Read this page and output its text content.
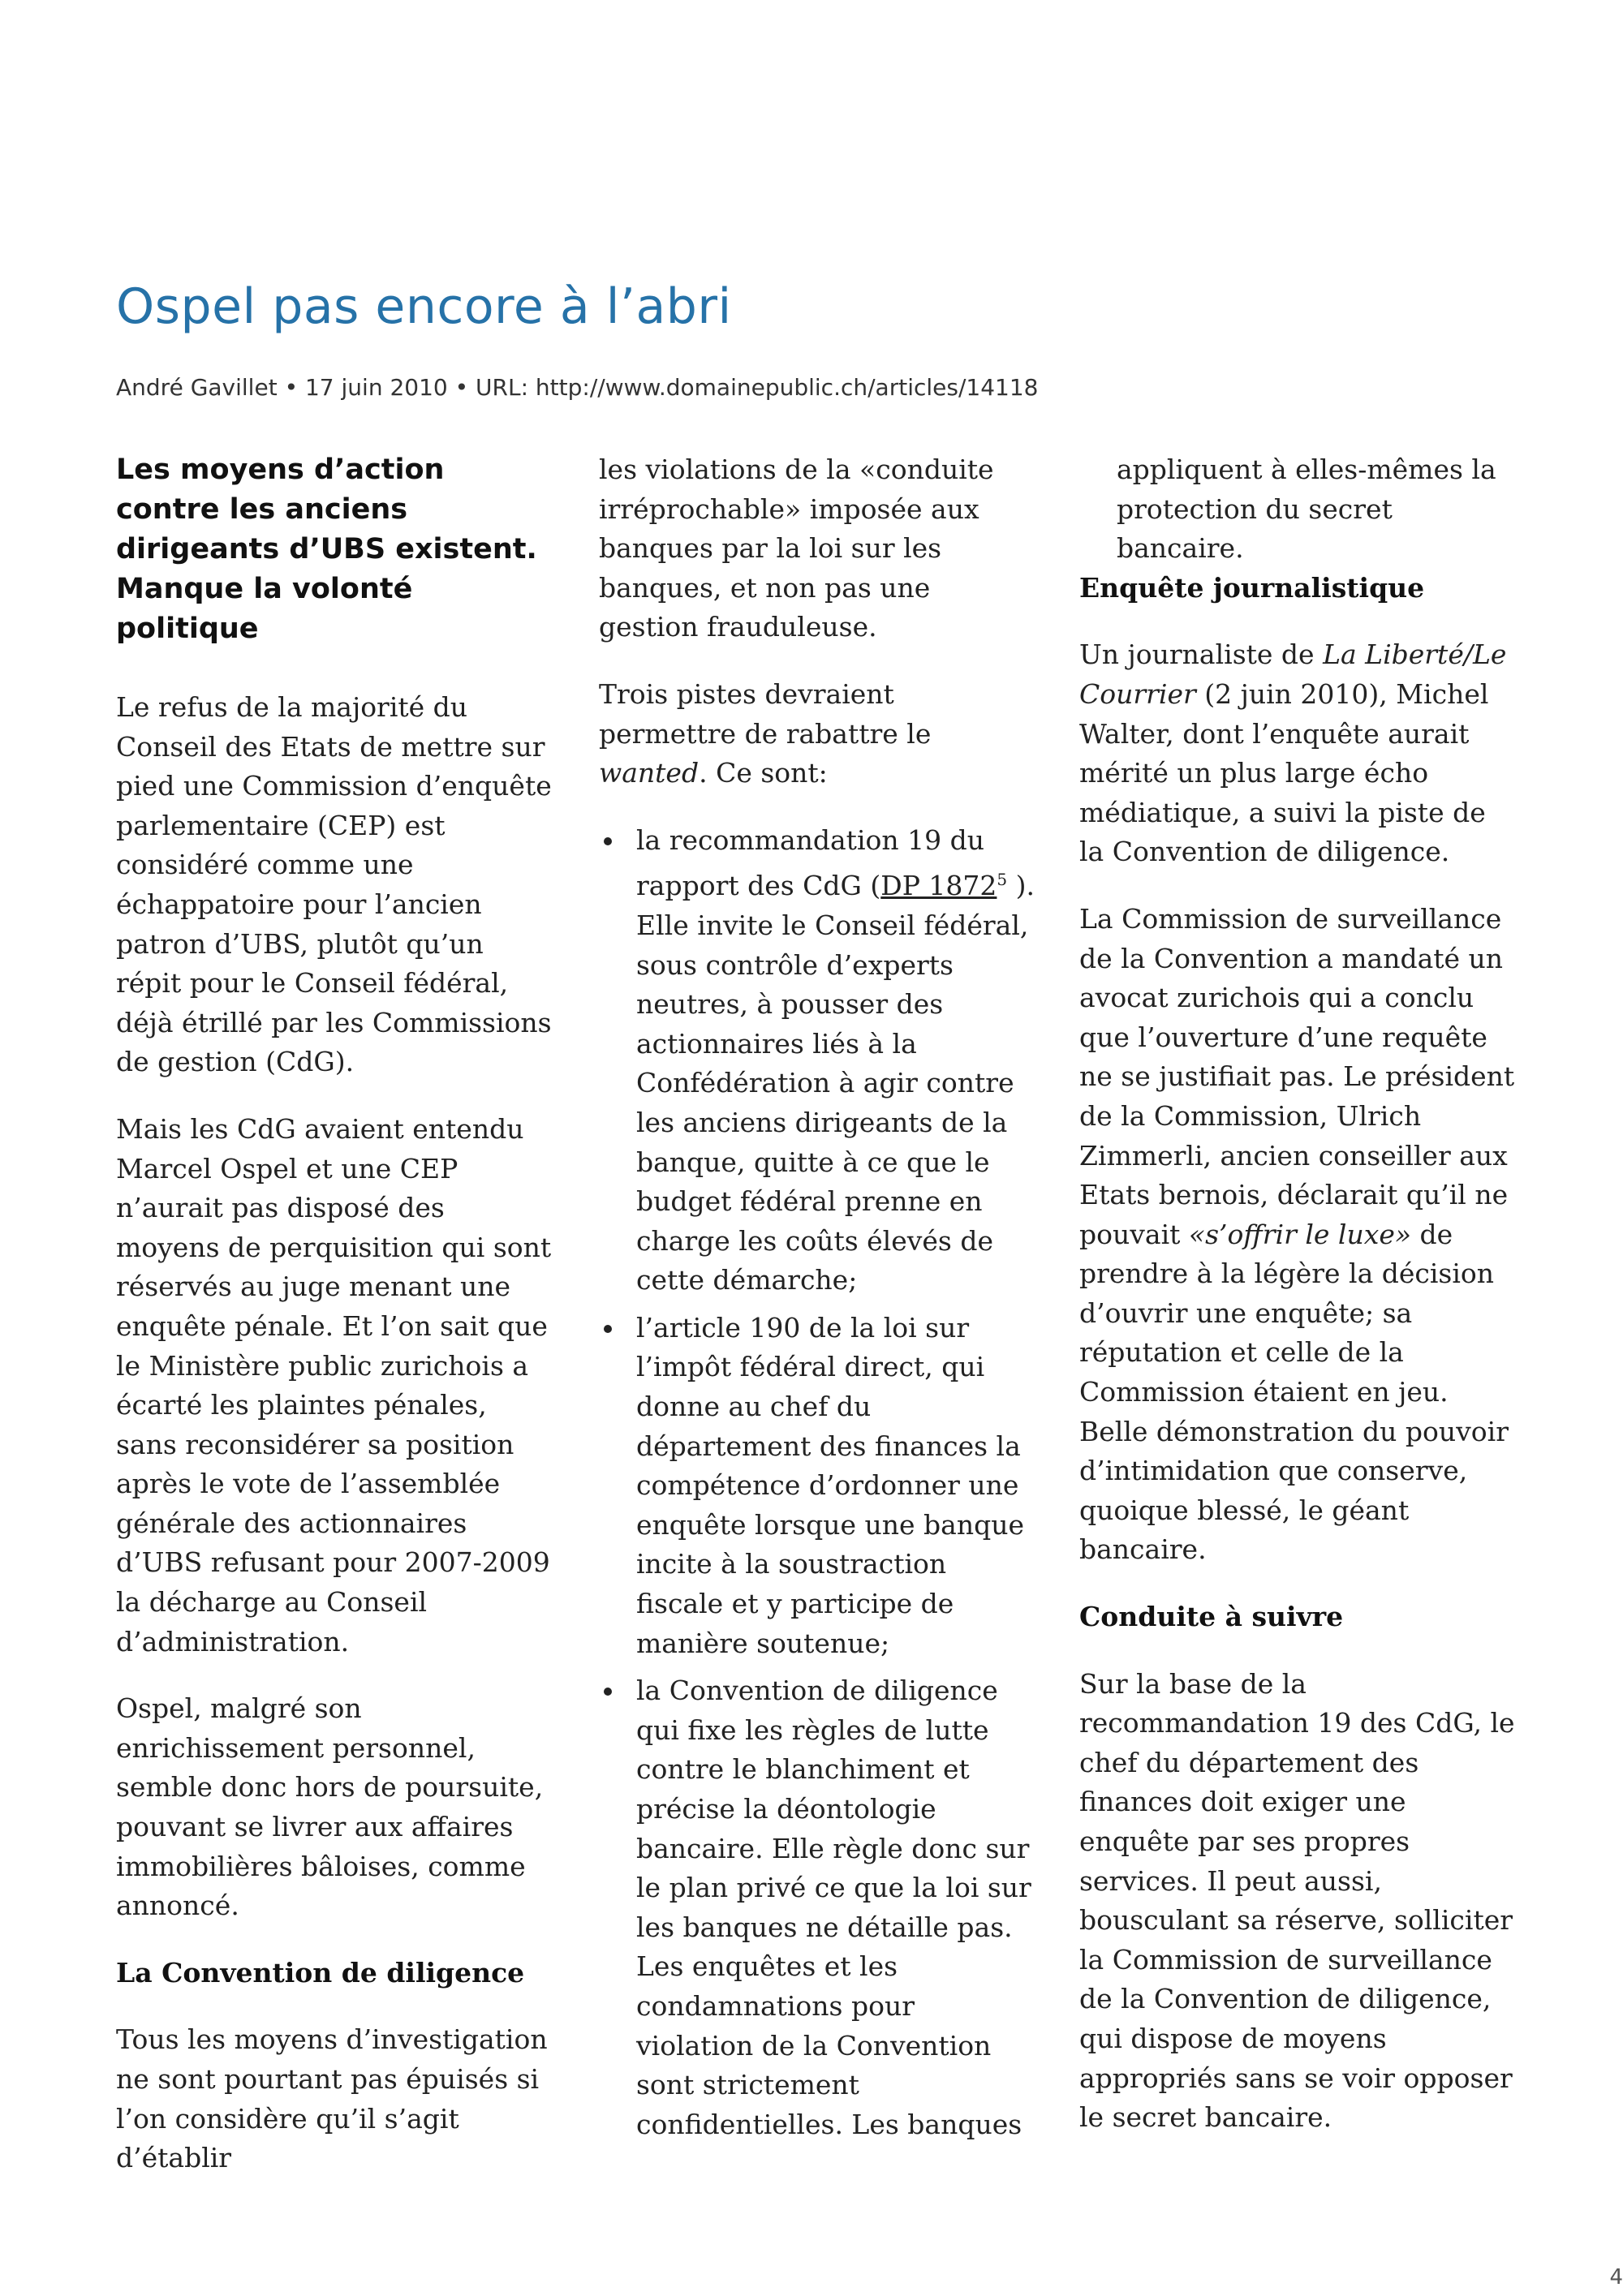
Ospel pas encore à l’abri
André Gavillet • 17 juin 2010 • URL: http://www.domainepublic.ch/articles/14118

Les moyens d’action contre les anciens dirigeants d’UBS existent. Manque la volonté politique

Le refus de la majorité du Conseil des Etats de mettre sur pied une Commission d’enquête parlementaire (CEP) est considéré comme une échappatoire pour l’ancien patron d’UBS, plutôt qu’un répit pour le Conseil fédéral, déjà étrillé par les Commissions de gestion (CdG).

Mais les CdG avaient entendu Marcel Ospel et une CEP n’aurait pas disposé des moyens de perquisition qui sont réservés au juge menant une enquête pénale. Et l’on sait que le Ministère public zurichois a écarté les plaintes pénales, sans reconsidérer sa position après le vote de l’assemblée générale des actionnaires d’UBS refusant pour 2007-2009 la décharge au Conseil d’administration.

Ospel, malgré son enrichissement personnel, semble donc hors de poursuite, pouvant se livrer aux affaires immobilières bâloises, comme annoncé.

La Convention de diligence

Tous les moyens d’investigation ne sont pourtant pas épuisés si l’on considère qu’il s’agit d’établir

les violations de la «conduite irréprochable» imposée aux banques par la loi sur les banques, et non pas une gestion frauduleuse.

Trois pistes devraient permettre de rabattre le wanted. Ce sont:

la recommandation 19 du rapport des CdG (DP 1872$^5$ ). Elle invite le Conseil fédéral, sous contrôle d’experts neutres, à pousser des actionnaires liés à la Confédération à agir contre les anciens dirigeants de la banque, quitte à ce que le budget fédéral prenne en charge les coûts élevés de cette démarche;
l’article 190 de la loi sur l’impôt fédéral direct, qui donne au chef du département des finances la compétence d’ordonner une enquête lorsque une banque incite à la soustraction fiscale et y participe de manière soutenue;
la Convention de diligence qui fixe les règles de lutte contre le blanchiment et précise la déontologie bancaire. Elle règle donc sur le plan privé ce que la loi sur les banques ne détaille pas. Les enquêtes et les condamnations pour violation de la Convention sont strictement confidentielles. Les banques

appliquent à elles-mêmes la protection du secret bancaire.

Enquête journalistique

Un journaliste de La Liberté/Le Courrier (2 juin 2010), Michel Walter, dont l’enquête aurait mérité un plus large écho médiatique, a suivi la piste de la Convention de diligence.

La Commission de surveillance de la Convention a mandaté un avocat zurichois qui a conclu que l’ouverture d’une requête ne se justifiait pas. Le président de la Commission, Ulrich Zimmerli, ancien conseiller aux Etats bernois, déclarait qu’il ne pouvait «s’offrir le luxe» de prendre à la légère la décision d’ouvrir une enquête; sa réputation et celle de la Commission étaient en jeu. Belle démonstration du pouvoir d’intimidation que conserve, quoique blessé, le géant bancaire.

Conduite à suivre

Sur la base de la recommandation 19 des CdG, le chef du département des finances doit exiger une enquête par ses propres services. Il peut aussi, bousculant sa réserve, solliciter la Commission de surveillance de la Convention de diligence, qui dispose de moyens appropriés sans se voir opposer le secret bancaire.

4
